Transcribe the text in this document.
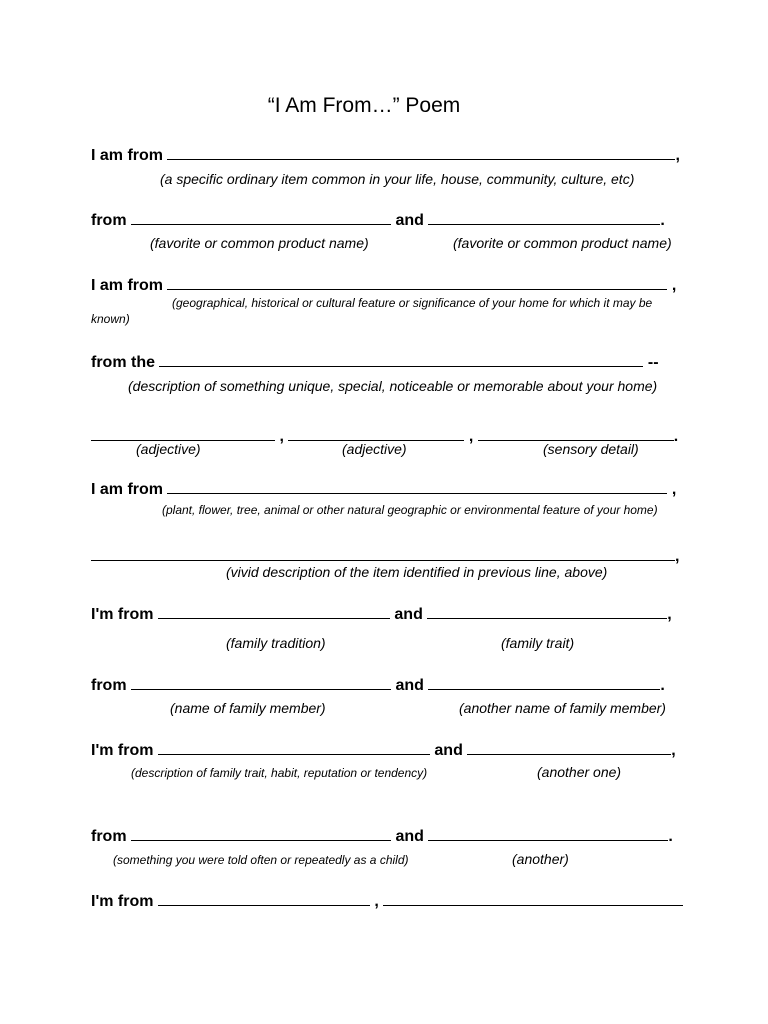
“I Am From…” Poem
I am from	,
(a specific ordinary item common in your life, house, community, culture, etc)
from	and	.
(favorite or common product name)	(favorite or common product name)
I am from	,
(geographical, historical or cultural feature or significance of your home for which it may be
known)
from the	--
(description of something unique, special, noticeable or memorable about your home)
,	,	.
(adjective)	(adjective)	(sensory detail)
I am from	,
(plant, flower, tree, animal or other natural geographic or environmental feature of your home)
,
(vivid description of the item identified in previous line, above)
I'm from	and	,
(family tradition)	(family trait)
from	and	.
(name of family member)	(another name of family member)
I'm from	and	,
(description of family trait, habit, reputation or tendency)	(another one)
from	and	.
(something you were told often or repeatedly as a child)	(another)
I'm from	,
